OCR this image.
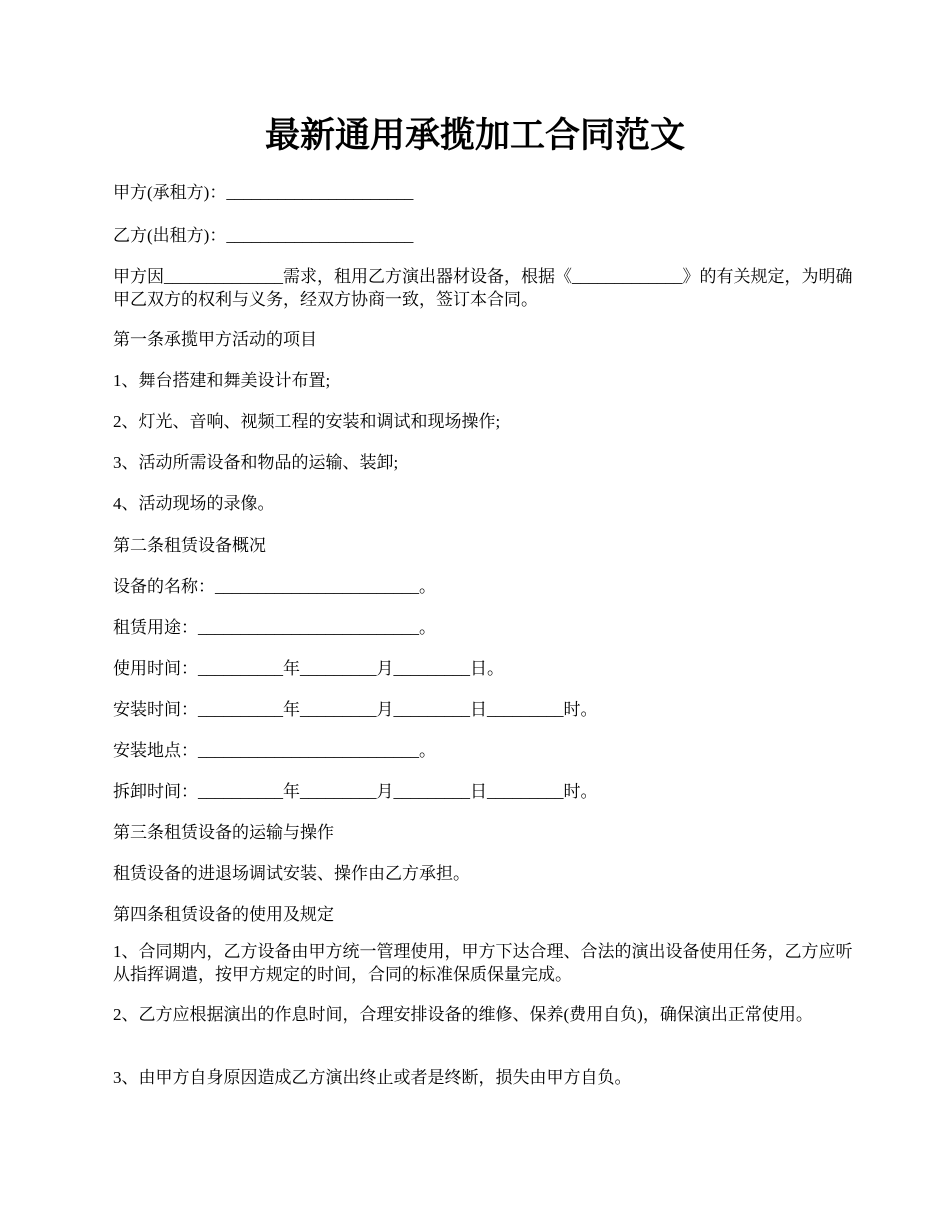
最新通用承揽加工合同范文

甲方(承租方)：______________________

乙方(出租方)：______________________

甲方因______________需求，租用乙方演出器材设备，根据《_____________》的有关规定，为明确甲乙双方的权利与义务，经双方协商一致，签订本合同。

第一条承揽甲方活动的项目

1、舞台搭建和舞美设计布置;

2、灯光、音响、视频工程的安装和调试和现场操作;

3、活动所需设备和物品的运输、装卸;

4、活动现场的录像。

第二条租赁设备概况

设备的名称：________________________。

租赁用途：__________________________。

使用时间：__________年_________月_________日。

安装时间：__________年_________月_________日_________时。

安装地点：__________________________。

拆卸时间：__________年_________月_________日_________时。

第三条租赁设备的运输与操作

租赁设备的进退场调试安装、操作由乙方承担。

第四条租赁设备的使用及规定

1、合同期内，乙方设备由甲方统一管理使用，甲方下达合理、合法的演出设备使用任务，乙方应听从指挥调遣，按甲方规定的时间，合同的标准保质保量完成。

2、乙方应根据演出的作息时间，合理安排设备的维修、保养(费用自负)，确保演出正常使用。

3、由甲方自身原因造成乙方演出终止或者是终断，损失由甲方自负。
